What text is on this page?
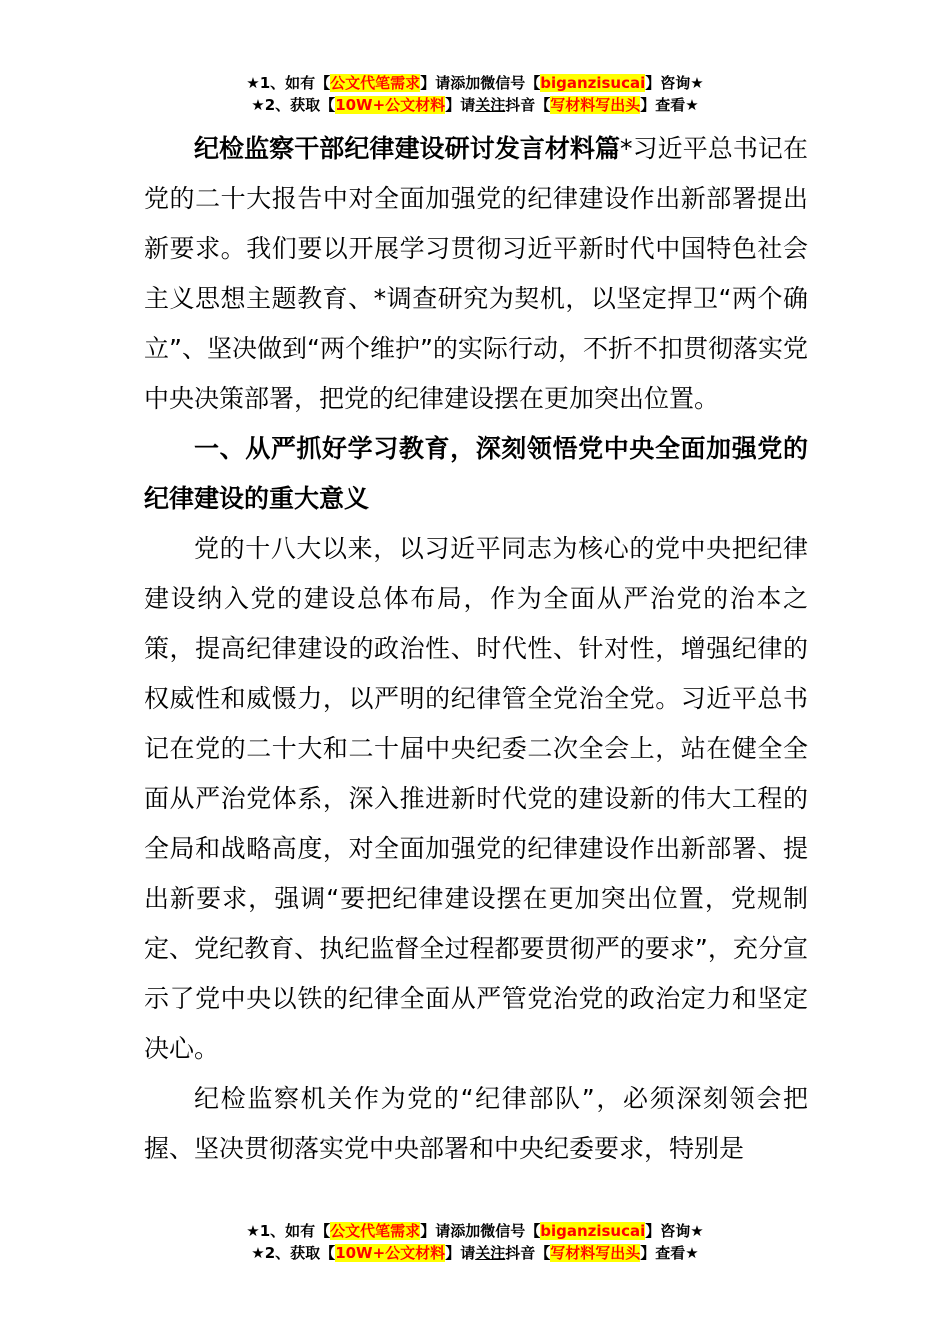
★1、如有【公文代笔需求】请添加微信号【biganzisucai】咨询★
★2、获取【10W+公文材料】请关注抖音【写材料写出头】查看★

纪检监察干部纪律建设研讨发言材料篇*习近平总书记在党的二十大报告中对全面加强党的纪律建设作出新部署提出新要求。我们要以开展学习贯彻习近平新时代中国特色社会主义思想主题教育、*调查研究为契机，以坚定捍卫“两个确立”、坚决做到“两个维护”的实际行动，不折不扣贯彻落实党中央决策部署，把党的纪律建设摆在更加突出位置。

一、从严抓好学习教育，深刻领悟党中央全面加强党的纪律建设的重大意义

党的十八大以来，以习近平同志为核心的党中央把纪律建设纳入党的建设总体布局，作为全面从严治党的治本之策，提高纪律建设的政治性、时代性、针对性，增强纪律的权威性和威慑力，以严明的纪律管全党治全党。习近平总书记在党的二十大和二十届中央纪委二次全会上，站在健全全面从严治党体系，深入推进新时代党的建设新的伟大工程的全局和战略高度，对全面加强党的纪律建设作出新部署、提出新要求，强调“要把纪律建设摆在更加突出位置，党规制定、党纪教育、执纪监督全过程都要贯彻严的要求”，充分宣示了党中央以铁的纪律全面从严管党治党的政治定力和坚定决心。

纪检监察机关作为党的“纪律部队”，必须深刻领会把握、坚决贯彻落实党中央部署和中央纪委要求，特别是

★1、如有【公文代笔需求】请添加微信号【biganzisucai】咨询★
★2、获取【10W+公文材料】请关注抖音【写材料写出头】查看★
